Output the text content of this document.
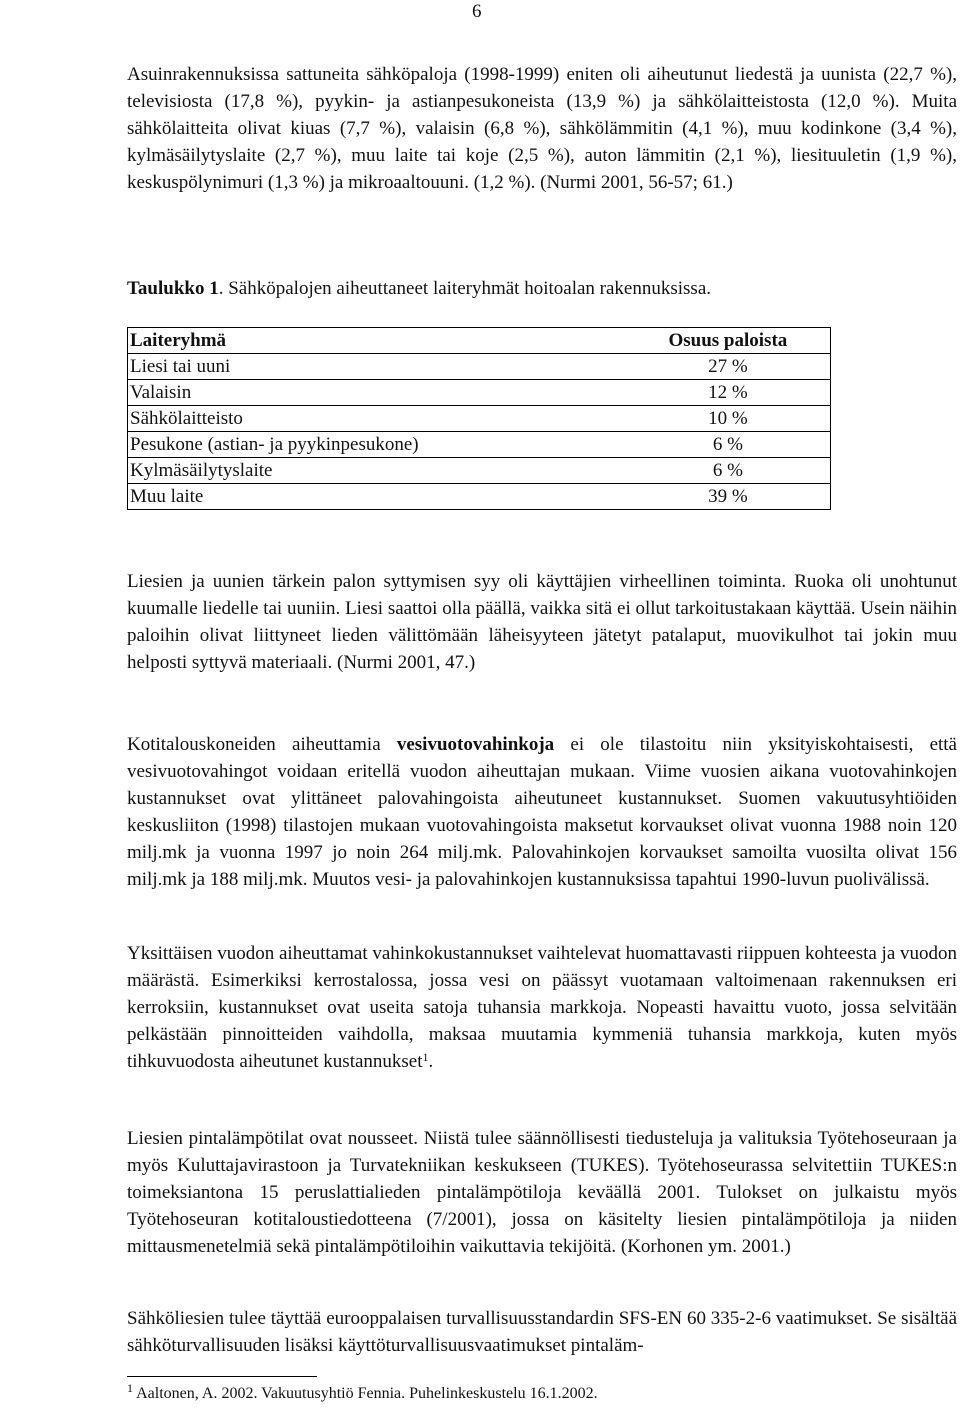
6

Asuinrakennuksissa sattuneita sähköpaloja (1998-1999) eniten oli aiheutunut liedestä ja uunista (22,7 %), televisiosta (17,8 %), pyykin- ja astianpesukoneista (13,9 %) ja sähkölaitteistosta (12,0 %). Muita sähkölaitteita olivat kiuas (7,7 %), valaisin (6,8 %), sähkölämmitin (4,1 %), muu kodinkone (3,4 %), kylmäsäilytyslaite (2,7 %), muu laite tai koje (2,5 %), auton lämmitin (2,1 %), liesituuletin (1,9 %), keskuspölynimuri (1,3 %) ja mikroaaltouuni. (1,2 %). (Nurmi 2001, 56-57; 61.)

Taulukko 1. Sähköpalojen aiheuttaneet laiteryhmät hoitoalan rakennuksissa.

Laiteryhmä	Osuus paloista
Liesi tai uuni	27 %
Valaisin	12 %
Sähkölaitteisto	10 %
Pesukone (astian- ja pyykinpesukone)	6 %
Kylmäsäilytyslaite	6 %
Muu laite	39 %

Liesien ja uunien tärkein palon syttymisen syy oli käyttäjien virheellinen toiminta. Ruoka oli unohtunut kuumalle liedelle tai uuniin. Liesi saattoi olla päällä, vaikka sitä ei ollut tarkoitustakaan käyttää. Usein näihin paloihin olivat liittyneet lieden välittömään läheisyyteen jätetyt patalaput, muovikulhot tai jokin muu helposti syttyvä materiaali. (Nurmi 2001, 47.)

Kotitalouskoneiden aiheuttamia vesivuotovahinkoja ei ole tilastoitu niin yksityiskohtaisesti, että vesivuotovahingot voidaan eritellä vuodon aiheuttajan mukaan. Viime vuosien aikana vuotovahinkojen kustannukset ovat ylittäneet palovahingoista aiheutuneet kustannukset. Suomen vakuutusyhtiöiden keskusliiton (1998) tilastojen mukaan vuotovahingoista maksetut korvaukset olivat vuonna 1988 noin 120 milj.mk ja vuonna 1997 jo noin 264 milj.mk. Palovahinkojen korvaukset samoilta vuosilta olivat 156 milj.mk ja 188 milj.mk. Muutos vesi- ja palovahinkojen kustannuksissa tapahtui 1990-luvun puolivälissä.

Yksittäisen vuodon aiheuttamat vahinkokustannukset vaihtelevat huomattavasti riippuen kohteesta ja vuodon määrästä. Esimerkiksi kerrostalossa, jossa vesi on päässyt vuotamaan valtoimenaan rakennuksen eri kerroksiin, kustannukset ovat useita satoja tuhansia markkoja. Nopeasti havaittu vuoto, jossa selvitään pelkästään pinnoitteiden vaihdolla, maksaa muutamia kymmeniä tuhansia markkoja, kuten myös tihkuvuodosta aiheutunet kustannukset$^1$.

Liesien pintalämpötilat ovat nousseet. Niistä tulee säännöllisesti tiedusteluja ja valituksia Työtehoseuraan ja myös Kuluttajavirastoon ja Turvatekniikan keskukseen (TUKES). Työtehoseurassa selvitettiin TUKES:n toimeksiantona 15 peruslattialieden pintalämpötiloja keväällä 2001. Tulokset on julkaistu myös Työtehoseuran kotitaloustiedotteena (7/2001), jossa on käsitelty liesien pintalämpötiloja ja niiden mittausmenetelmiä sekä pintalämpötiloihin vaikuttavia tekijöitä. (Korhonen ym. 2001.)

Sähköliesien tulee täyttää eurooppalaisen turvallisuusstandardin SFS-EN 60 335-2-6 vaatimukset. Se sisältää sähköturvallisuuden lisäksi käyttöturvallisuusvaatimukset pintaläm-

$^1$ Aaltonen, A. 2002. Vakuutusyhtiö Fennia. Puhelinkeskustelu 16.1.2002.
